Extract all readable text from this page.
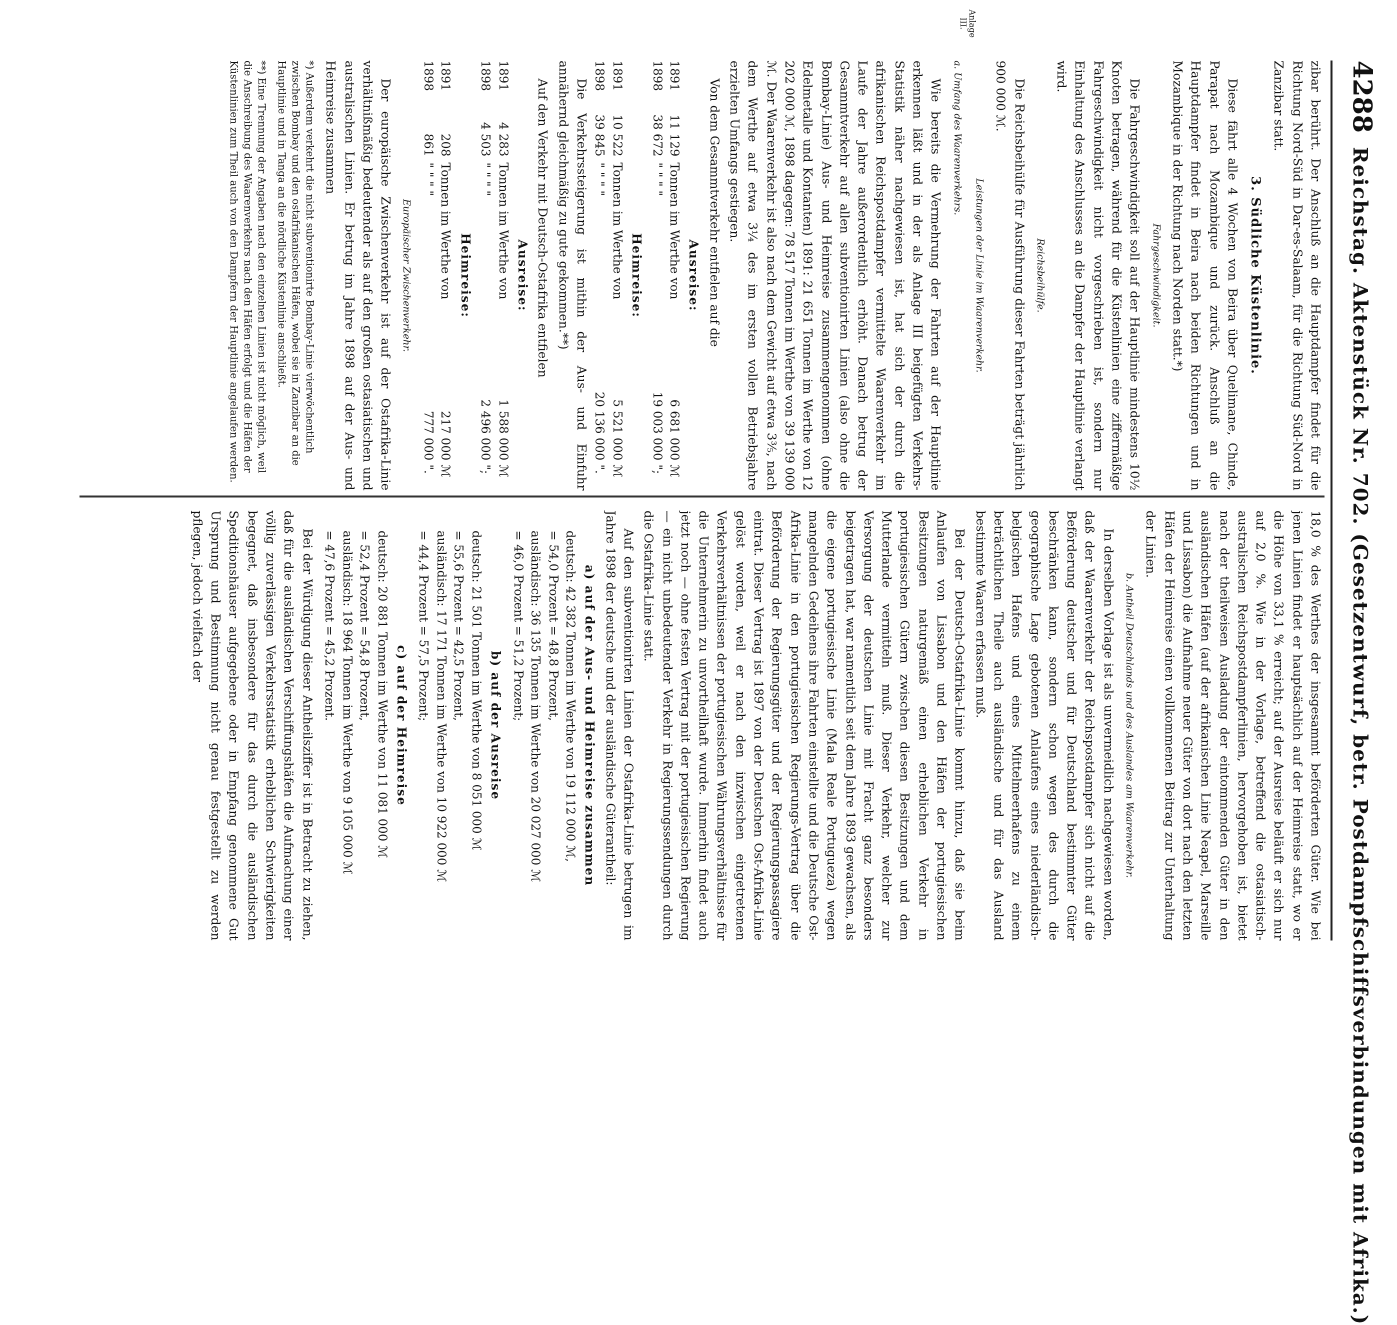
4288
Reichstag. Aktenstück Nr. 702. (Gesetzentwurf, betr. Postdampfschiffsverbindungen mit Afrika.)
Anlage III.

zibar berührt. Der Anschluß an die Hauptdampfer findet für die Richtung Nord-Süd in Dar-es-Salaam, für die Richtung Süd-Nord in Zanzibar statt.

3. Südliche Küstenlinie.

Diese fährt alle 4 Wochen von Beira über Quelimane, Chinde, Parapat nach Mozambique und zurück. Anschluß an die Hauptdampfer findet in Beira nach beiden Richtungen und in Mozambique in der Richtung nach Norden statt.*)

Fahrgeschwindigkeit.

Die Fahrgeschwindigkeit soll auf der Hauptlinie mindestens 10½ Knoten betragen, während für die Küstenlinien eine ziffermäßige Fahrgeschwindigkeit nicht vorgeschrieben ist, sondern nur Einhaltung des Anschlusses an die Dampfer der Hauptlinie verlangt wird.

Reichsbeihülfe.

Die Reichsbeihülfe für Ausführung dieser Fahrten beträgt jährlich 900 000 ℳ.

Leistungen der Linie im Waarenverkehr.
a. Umfang des Waarenverkehrs.

Wie bereits die Vermehrung der Fahrten auf der Hauptlinie erkennen läßt und in der als Anlage III beigefügten Verkehrs-Statistik näher nachgewiesen ist, hat sich der durch die afrikanischen Reichspostdampfer vermittelte Waarenverkehr im Laufe der Jahre außerordentlich erhöht. Danach betrug der Gesammtverkehr auf allen subventionirten Linien (also ohne die Bombay-Linie) Aus- und Heimreise zusammengenommen (ohne Edelmetalle und Kontanten) 1891: 21 651 Tonnen im Werthe von 12 202 000 ℳ, 1898 dagegen: 78 517 Tonnen im Werthe von 39 139 000 ℳ. Der Waarenverkehr ist also nach dem Gewicht auf etwa 3⅗, nach dem Werthe auf etwa 3¼ des im ersten vollen Betriebsjahre erzielten Umfangs gestiegen.

Von dem Gesammtverkehr entfielen auf die

Ausreise:
1891
11 129
Tonnen im Werthe von
6 681 000
ℳ
1898
38 672
" " " "
19 003 000
";
Heimreise:
1891
10 522
Tonnen im Werthe von
5 521 000
ℳ
1898
39 845
" " " "
20 136 000
".

Die Verkehrssteigerung ist mithin der Aus- und Einfuhr annähernd gleichmäßig zu gute gekommen.**)

Auf den Verkehr mit Deutsch-Ostafrika entfielen

Ausreise:
1891
4 283
Tonnen im Werthe von
1 588 000
ℳ
1898
4 503
" " " "
2 496 000
";
Heimreise:
1891
208
Tonnen im Werthe von
217 000
ℳ
1898
861
" " " "
777 000
".
Europäischer Zwischenverkehr.

Der europäische Zwischenverkehr ist auf der Ostafrika-Linie verhältnißmäßig bedeutender als auf den großen ostasiatischen und australischen Linien. Er betrug im Jahre 1898 auf der Aus- und Heimreise zusammen

*) Außerdem verkehrt die nicht subventionirte Bombay-Linie vierwöchentlich zwischen Bombay und den ostafrikanischen Häfen, wobei sie in Zanzibar an die Hauptlinie und in Tanga an die nördliche Küstenlinie anschließt.
**) Eine Trennung der Angaben nach den einzelnen Linien ist nicht möglich, weil die Anschreibung des Waarenverkehrs nach den Häfen erfolgt und die Häfen der Küstenlinien zum Theil auch von den Dampfern der Hauptlinie angelaufen werden.

18,0 % des Werthes der insgesammt beförderten Güter. Wie bei jenen Linien findet er hauptsächlich auf der Heimreise statt, wo er die Höhe von 33,1 % erreicht; auf der Ausreise beläuft er sich nur auf 2,0 %. Wie in der Vorlage, betreffend die ostasiatisch-australischen Reichspostdampferlinien, hervorgehoben ist, bietet nach der theilweisen Ausladung der eintommenden Güter in den ausländischen Häfen (auf der afrikanischen Linie Neapel, Marseille und Lissabon) die Aufnahme neuer Güter von dort nach den letzten Häfen der Heimreise einen vollkommenen Beitrag zur Unterhaltung der Linien.

b. Antheil Deutschlands und des Auslandes am Waarenverkehr.

In derselben Vorlage ist als unvermeidlich nachgewiesen worden, daß der Waarenverkehr der Reichspostdampfer sich nicht auf die Beförderung deutscher und für Deutschland bestimmter Güter beschränken kann, sondern schon wegen des durch die geographische Lage gebotenen Anlaufens eines niederländisch-belgischen Hafens und eines Mittelmeerhafens zu einem beträchtlichen Theile auch ausländische und für das Ausland bestimmte Waaren erfassen muß.

Bei der Deutsch-Ostafrika-Linie kommt hinzu, daß sie beim Anlaufen von Lissabon und den Häfen der portugiesischen Besitzungen naturgemäß einen erheblichen Verkehr in portugiesischen Gütern zwischen diesen Besitzungen und dem Mutterlande vermitteln muß. Dieser Verkehr, welcher zur Versorgung der deutschen Linie mit Fracht ganz besonders beigetragen hat, war namentlich seit dem Jahre 1893 gewachsen, als die eigene portugiesische Linie (Mala Reale Portugueza) wegen mangelnden Gedeihens ihre Fahrten einstellte und die Deutsche Ost-Afrika-Linie in den portugiesischen Regierungs-Vertrag über die Beförderung der Regierungsgüter und der Regierungspassagiere eintrat. Dieser Vertrag ist 1897 von der Deutschen Ost-Afrika-Linie gelöst worden, weil er nach den inzwischen eingetretenen Verkehrsverhältnissen der portugiesischen Währungsverhältnisse für die Unternehmerin zu unvortheilhaft wurde. Immerhin findet auch jetzt noch — ohne festen Vertrag mit der portugiesischen Regierung — ein nicht unbedeutender Verkehr in Regierungssendungen durch die Ostafrika-Linie statt.

Auf den subventionirten Linien der Ostafrika-Linie betrugen im Jahre 1898 der deutsche und der ausländische Güterantheil:

a) auf der Aus- und Heimreise zusammen
deutsch: 42 382 Tonnen im Werthe von 19 112 000 ℳ,
= 54,0 Prozent = 48,8 Prozent,
ausländisch: 36 135 Tonnen im Werthe von 20 027 000 ℳ
= 46,0 Prozent = 51,2 Prozent;
b) auf der Ausreise
deutsch: 21 501 Tonnen im Werthe von 8 051 000 ℳ
= 55,6 Prozent = 42,5 Prozent,
ausländisch: 17 171 Tonnen im Werthe von 10 922 000 ℳ
= 44,4 Prozent = 57,5 Prozent;
c) auf der Heimreise
deutsch: 20 881 Tonnen im Werthe von 11 081 000 ℳ
= 52,4 Prozent = 54,8 Prozent,
ausländisch: 18 964 Tonnen im Werthe von 9 105 000 ℳ
= 47,6 Prozent = 45,2 Prozent.

Bei der Würdigung dieser Antheilsziffer ist in Betracht zu ziehen, daß für die ausländischen Verschiffungshäfen die Aufmachung einer völlig zuverlässigen Verkehrsstatistik erheblichen Schwierigkeiten begegnet, daß insbesondere für das durch die ausländischen Speditionshäuser aufgegebene oder in Empfang genommene Gut Ursprung und Bestimmung nicht genau festgestellt zu werden pflegen, jedoch vielfach der
